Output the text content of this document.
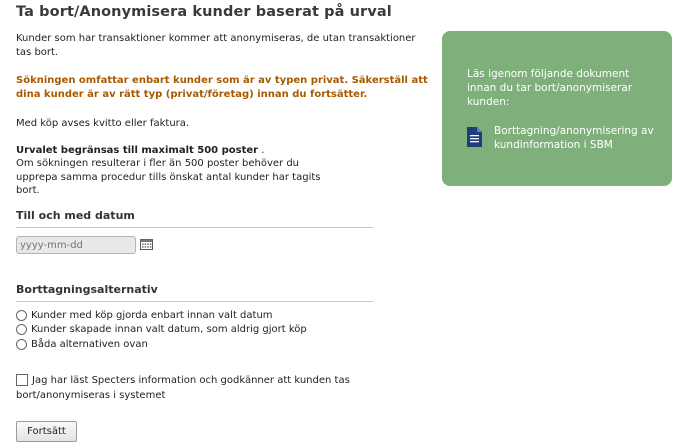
Ta bort/Anonymisera kunder baserat på urval

Kunder som har transaktioner kommer att anonymiseras, de utan transaktioner tas bort.

Sökningen omfattar enbart kunder som är av typen privat. Säkerställ att dina kunder är av rätt typ (privat/företag) innan du fortsätter.

Med köp avses kvitto eller faktura.

Urvalet begränsas till maximalt 500 poster .

Om sökningen resulterar i fler än 500 poster behöver du upprepa samma procedur tills önskat antal kunder har tagits bort.

Till och med datum
yyyy-mm-dd
Borttagningsalternativ
Kunder med köp gjorda enbart innan valt datum
Kunder skapade innan valt datum, som aldrig gjort köp
Båda alternativen ovan
Jag har läst Specters information och godkänner att kunden tas bort/anonymiseras i systemet
Fortsätt

Läs igenom följande dokument innan du tar bort/anonymiserar kunden:

Borttagning/anonymisering av kundinformation i SBM
